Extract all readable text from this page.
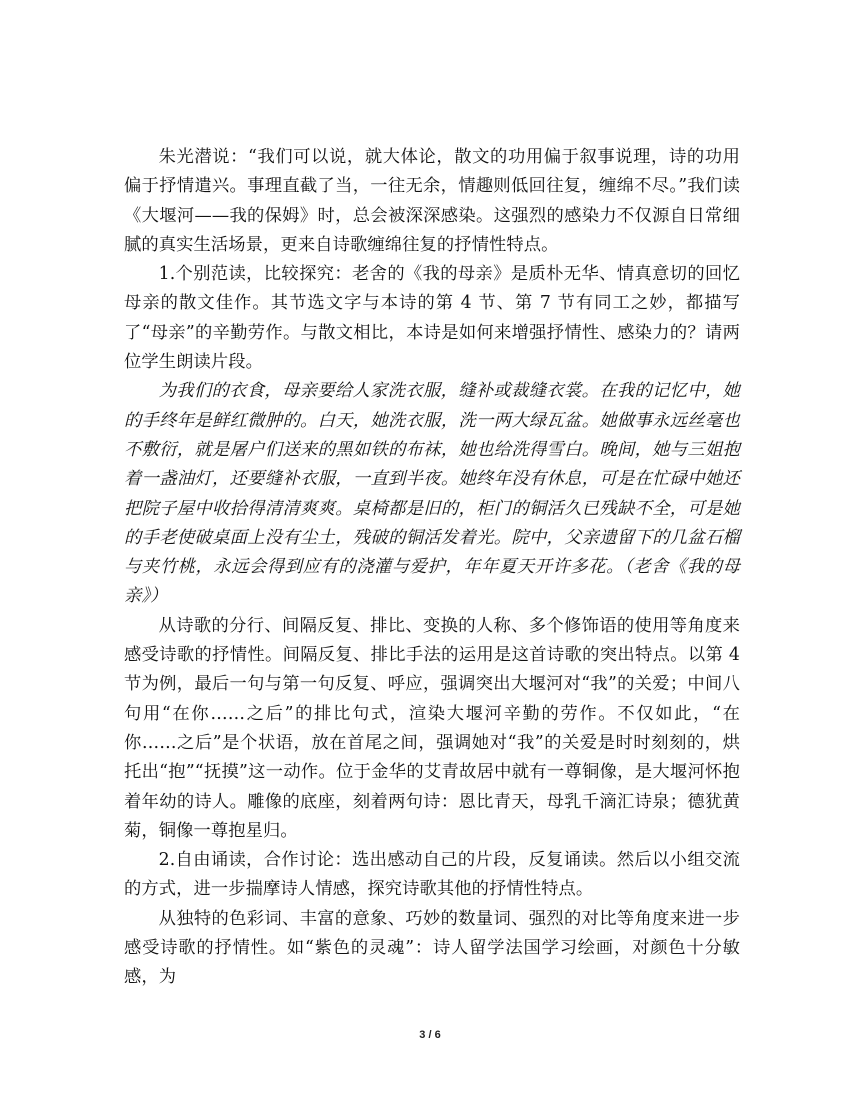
朱光潜说：“我们可以说，就大体论，散文的功用偏于叙事说理，诗的功用偏于抒情遣兴。事理直截了当，一往无余，情趣则低回往复，缠绵不尽。”我们读《大堰河——我的保姆》时，总会被深深感染。这强烈的感染力不仅源自日常细腻的真实生活场景，更来自诗歌缠绵往复的抒情性特点。

1.个别范读，比较探究：老舍的《我的母亲》是质朴无华、情真意切的回忆母亲的散文佳作。其节选文字与本诗的第 4 节、第 7 节有同工之妙，都描写了“母亲”的辛勤劳作。与散文相比，本诗是如何来增强抒情性、感染力的？请两位学生朗读片段。

为我们的衣食，母亲要给人家洗衣服，缝补或裁缝衣裳。在我的记忆中，她的手终年是鲜红微肿的。白天，她洗衣服，洗一两大绿瓦盆。她做事永远丝毫也不敷衍，就是屠户们送来的黑如铁的布袜，她也给洗得雪白。晚间，她与三姐抱着一盏油灯，还要缝补衣服，一直到半夜。她终年没有休息，可是在忙碌中她还把院子屋中收拾得清清爽爽。桌椅都是旧的，柜门的铜活久已残缺不全，可是她的手老使破桌面上没有尘土，残破的铜活发着光。院中，父亲遗留下的几盆石榴与夹竹桃，永远会得到应有的浇灌与爱护，年年夏天开许多花。（老舍《我的母亲》）

从诗歌的分行、间隔反复、排比、变换的人称、多个修饰语的使用等角度来感受诗歌的抒情性。间隔反复、排比手法的运用是这首诗歌的突出特点。以第 4 节为例，最后一句与第一句反复、呼应，强调突出大堰河对“我”的关爱；中间八句用“在你……之后”的排比句式，渲染大堰河辛勤的劳作。不仅如此，“在你……之后”是个状语，放在首尾之间，强调她对“我”的关爱是时时刻刻的，烘托出“抱”“抚摸”这一动作。位于金华的艾青故居中就有一尊铜像，是大堰河怀抱着年幼的诗人。雕像的底座，刻着两句诗：恩比青天，母乳千滴汇诗泉；德犹黄菊，铜像一尊抱星归。

2.自由诵读，合作讨论：选出感动自己的片段，反复诵读。然后以小组交流的方式，进一步揣摩诗人情感，探究诗歌其他的抒情性特点。

从独特的色彩词、丰富的意象、巧妙的数量词、强烈的对比等角度来进一步感受诗歌的抒情性。如“紫色的灵魂”：诗人留学法国学习绘画，对颜色十分敏感，为

3 / 6
